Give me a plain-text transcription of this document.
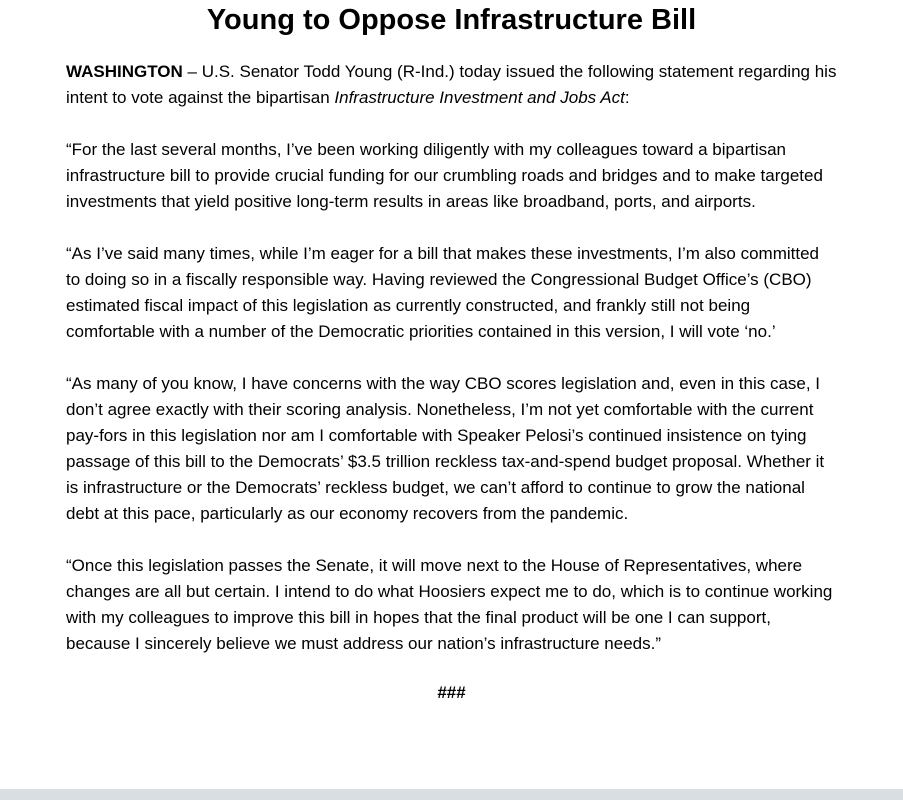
Young to Oppose Infrastructure Bill

WASHINGTON – U.S. Senator Todd Young (R-Ind.) today issued the following statement regarding his intent to vote against the bipartisan Infrastructure Investment and Jobs Act:

“For the last several months, I’ve been working diligently with my colleagues toward a bipartisan infrastructure bill to provide crucial funding for our crumbling roads and bridges and to make targeted investments that yield positive long-term results in areas like broadband, ports, and airports.

“As I’ve said many times, while I’m eager for a bill that makes these investments, I’m also committed to doing so in a fiscally responsible way. Having reviewed the Congressional Budget Office’s (CBO) estimated fiscal impact of this legislation as currently constructed, and frankly still not being comfortable with a number of the Democratic priorities contained in this version, I will vote ‘no.’

“As many of you know, I have concerns with the way CBO scores legislation and, even in this case, I don’t agree exactly with their scoring analysis. Nonetheless, I’m not yet comfortable with the current pay-fors in this legislation nor am I comfortable with Speaker Pelosi’s continued insistence on tying passage of this bill to the Democrats’ $3.5 trillion reckless tax-and-spend budget proposal. Whether it is infrastructure or the Democrats’ reckless budget, we can’t afford to continue to grow the national debt at this pace, particularly as our economy recovers from the pandemic.

“Once this legislation passes the Senate, it will move next to the House of Representatives, where changes are all but certain. I intend to do what Hoosiers expect me to do, which is to continue working with my colleagues to improve this bill in hopes that the final product will be one I can support, because I sincerely believe we must address our nation’s infrastructure needs.”

###
